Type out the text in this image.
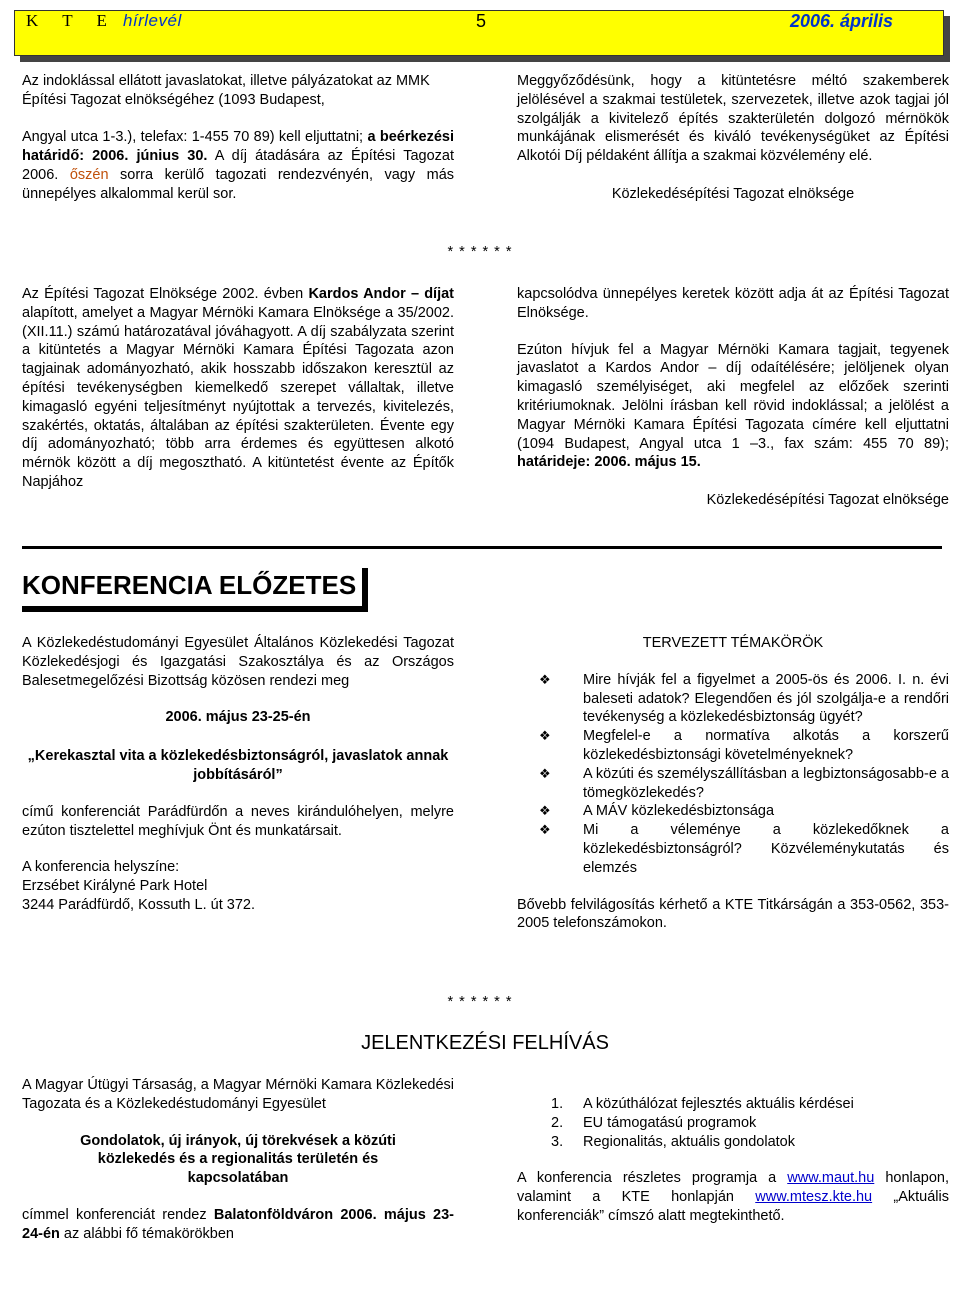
K T E hírlevél	5	2006. április
Az indoklással ellátott javaslatokat, illetve pályázatokat az MMK Építési Tagozat elnökségéhez (1093 Budapest,
Angyal utca 1-3.), telefax: 1-455 70 89) kell eljuttatni; a beérkezési határidő: 2006. június 30. A díj átadására az Építési Tagozat 2006. őszén sorra kerülő tagozati rendezvényén, vagy más ünnepélyes alkalommal kerül sor.
Meggyőződésünk, hogy a kitüntetésre méltó szakemberek jelölésével a szakmai testületek, szervezetek, illetve azok tagjai jól szolgálják a kivitelező építés szakterületén dolgozó mérnökök munkájának elismerését és kiváló tevékenységüket az Építési Alkotói Díj példaként állítja a szakmai közvélemény elé.
Közlekedésépítési Tagozat elnöksége
* * * * * *
Az Építési Tagozat Elnöksége 2002. évben Kardos Andor – díjat alapított, amelyet a Magyar Mérnöki Kamara Elnöksége a 35/2002. (XII.11.) számú határozatával jóváhagyott. A díj szabályzata szerint a kitüntetés a Magyar Mérnöki Kamara Építési Tagozata azon tagjainak adományozható, akik hosszabb időszakon keresztül az építési tevékenységben kiemelkedő szerepet vállaltak, illetve kimagasló egyéni teljesítményt nyújtottak a tervezés, kivitelezés, szakértés, oktatás, általában az építési szakterületen. Évente egy díj adományozható; több arra érdemes és együttesen alkotó mérnök között a díj megosztható. A kitüntetést évente az Építők Napjához
kapcsolódva ünnepélyes keretek között adja át az Építési Tagozat Elnöksége.
Ezúton hívjuk fel a Magyar Mérnöki Kamara tagjait, tegyenek javaslatot a Kardos Andor – díj odaítélésére; jelöljenek olyan kimagasló személyiséget, aki megfelel az előzőek szerinti kritériumoknak. Jelölni írásban kell rövid indoklással; a jelölést a Magyar Mérnöki Kamara Építési Tagozata címére kell eljuttatni (1094 Budapest, Angyal utca 1 –3., fax szám: 455 70 89); határideje: 2006. május 15.
Közlekedésépítési Tagozat elnöksége
KONFERENCIA ELŐZETES
A Közlekedéstudományi Egyesület Általános Közlekedési Tagozat Közlekedésjogi és Igazgatási Szakosztálya és az Országos Balesetmegelőzési Bizottság közösen rendezi meg
2006. május 23-25-én
„Kerekasztal vita a közlekedésbiztonságról, javaslatok annak jobbításáról”
című konferenciát Parádfürdőn a neves kirándulóhelyen, melyre ezúton tisztelettel meghívjuk Önt és munkatársait.
A konferencia helyszíne:
Erzsébet Királyné Park Hotel
3244 Parádfürdő, Kossuth L. út 372.
TERVEZETT TÉMAKÖRÖK
❖ Mire hívják fel a figyelmet a 2005-ös és 2006. I. n. évi baleseti adatok? Elegendően és jól szolgálja-e a rendőri tevékenység a közlekedésbiztonság ügyét?
❖ Megfelel-e a normatíva alkotás a korszerű közlekedésbiztonsági követelményeknek?
❖ A közúti és személyszállításban a legbiztonságosabb-e a tömegközlekedés?
❖ A MÁV közlekedésbiztonsága
❖ Mi a véleménye a közlekedőknek a közlekedésbiztonságról? Közvéleménykutatás és elemzés
Bővebb felvilágosítás kérhető a KTE Titkárságán a 353-0562, 353-2005 telefonszámokon.
* * * * * *
JELENTKEZÉSI FELHÍVÁS
A Magyar Útügyi Társaság, a Magyar Mérnöki Kamara Közlekedési Tagozata és a Közlekedéstudományi Egyesület
Gondolatok, új irányok, új törekvések a közúti közlekedés és a regionalitás területén és kapcsolatában
címmel konferenciát rendez Balatonföldváron 2006. május 23-24-én az alábbi fő témakörökben
1. A közúthálózat fejlesztés aktuális kérdései
2. EU támogatású programok
3. Regionalitás, aktuális gondolatok
A konferencia részletes programja a www.maut.hu honlapon, valamint a KTE honlapján www.mtesz.kte.hu „Aktuális konferenciák” címszó alatt megtekinthető.
